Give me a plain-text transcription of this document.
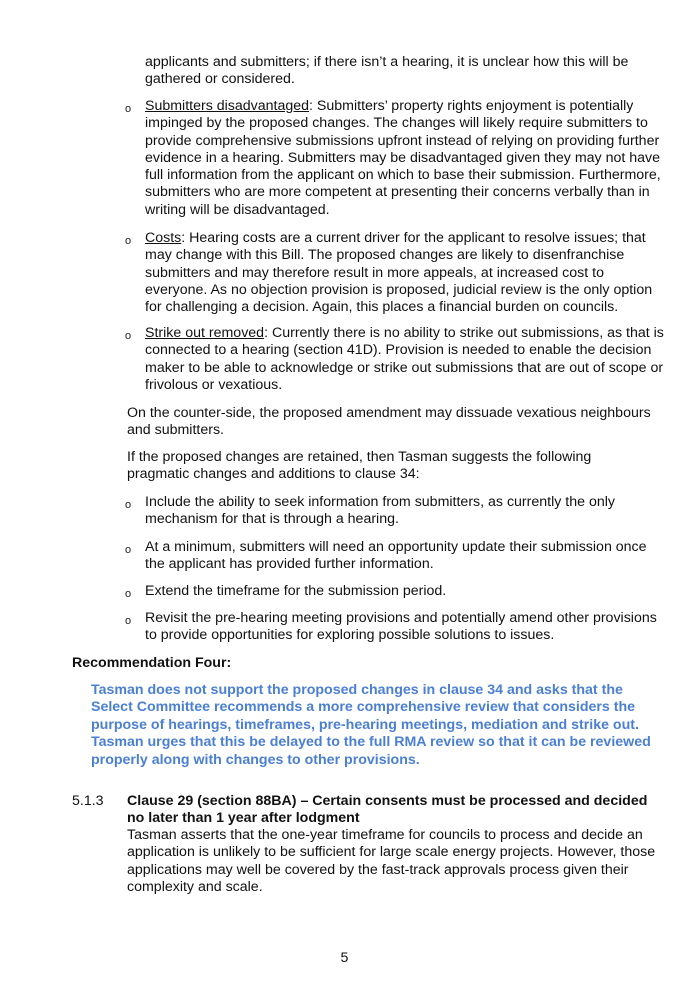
applicants and submitters; if there isn’t a hearing, it is unclear how this will be gathered or considered.
o Submitters disadvantaged: Submitters’ property rights enjoyment is potentially impinged by the proposed changes. The changes will likely require submitters to provide comprehensive submissions upfront instead of relying on providing further evidence in a hearing. Submitters may be disadvantaged given they may not have full information from the applicant on which to base their submission. Furthermore, submitters who are more competent at presenting their concerns verbally than in writing will be disadvantaged.
o Costs: Hearing costs are a current driver for the applicant to resolve issues; that may change with this Bill. The proposed changes are likely to disenfranchise submitters and may therefore result in more appeals, at increased cost to everyone. As no objection provision is proposed, judicial review is the only option for challenging a decision. Again, this places a financial burden on councils.
o Strike out removed: Currently there is no ability to strike out submissions, as that is connected to a hearing (section 41D). Provision is needed to enable the decision maker to be able to acknowledge or strike out submissions that are out of scope or frivolous or vexatious.
On the counter-side, the proposed amendment may dissuade vexatious neighbours and submitters.
If the proposed changes are retained, then Tasman suggests the following pragmatic changes and additions to clause 34:
o Include the ability to seek information from submitters, as currently the only mechanism for that is through a hearing.
o At a minimum, submitters will need an opportunity update their submission once the applicant has provided further information.
o Extend the timeframe for the submission period.
o Revisit the pre-hearing meeting provisions and potentially amend other provisions to provide opportunities for exploring possible solutions to issues.
Recommendation Four:
Tasman does not support the proposed changes in clause 34 and asks that the Select Committee recommends a more comprehensive review that considers the purpose of hearings, timeframes, pre-hearing meetings, mediation and strike out. Tasman urges that this be delayed to the full RMA review so that it can be reviewed properly along with changes to other provisions.
5.1.3 Clause 29 (section 88BA) – Certain consents must be processed and decided no later than 1 year after lodgment
Tasman asserts that the one-year timeframe for councils to process and decide an application is unlikely to be sufficient for large scale energy projects. However, those applications may well be covered by the fast-track approvals process given their complexity and scale.
5
